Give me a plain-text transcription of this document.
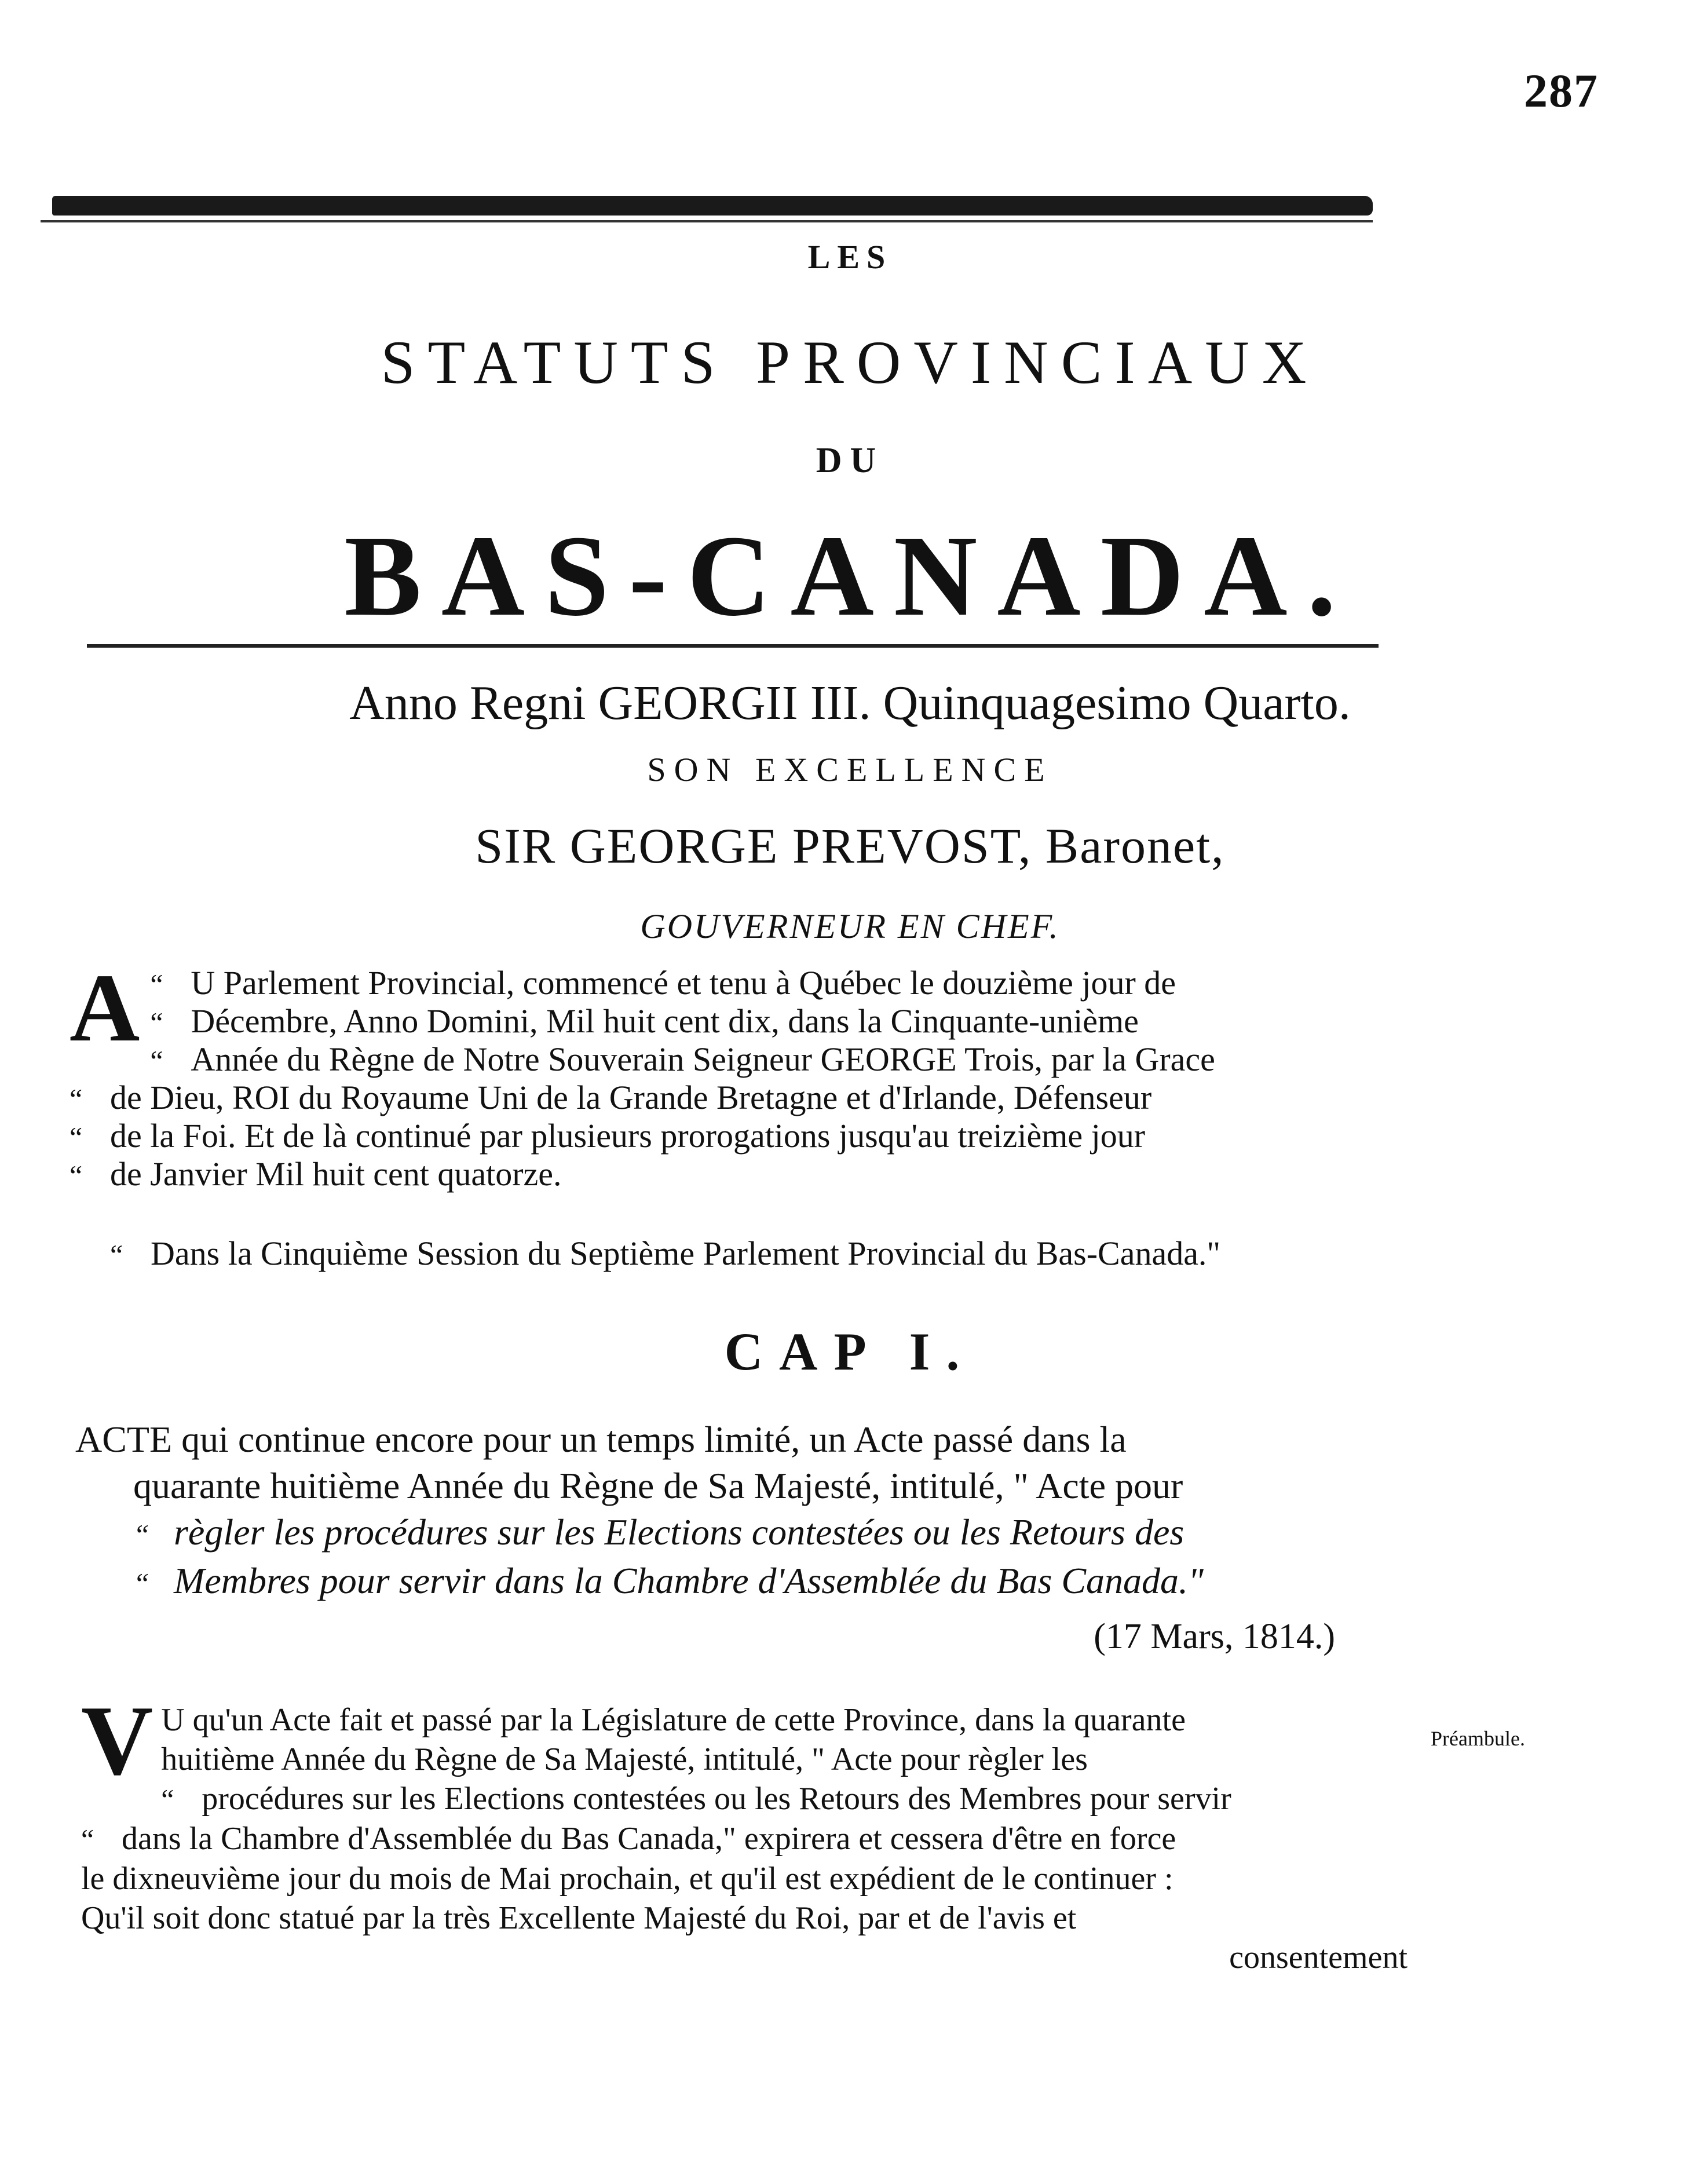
287
LES
STATUTS PROVINCIAUX
DU
BAS-CANADA.
Anno Regni GEORGII III. Quinquagesimo Quarto.
SON EXCELLENCE
SIR GEORGE PREVOST, Baronet,
GOUVERNEUR EN CHEF.
A “ U Parlement Provincial, commencé et tenu à Québec le douzième jour de
“ Décembre, Anno Domini, Mil huit cent dix, dans la Cinquante-unième
“ Année du Règne de Notre Souverain Seigneur GEORGE Trois, par la Grace
“ de Dieu, ROI du Royaume Uni de la Grande Bretagne et d'Irlande, Défenseur
“ de la Foi. Et de là continué par plusieurs prorogations jusqu'au treizième jour
“ de Janvier Mil huit cent quatorze.
“ Dans la Cinquième Session du Septième Parlement Provincial du Bas-Canada."
CAP I.
ACTE qui continue encore pour un temps limité, un Acte passé dans la
quarante huitième Année du Règne de Sa Majesté, intitulé, " Acte pour
“ règler les procédures sur les Elections contestées ou les Retours des
“ Membres pour servir dans la Chambre d'Assemblée du Bas Canada."
(17 Mars, 1814.)
V U qu'un Acte fait et passé par la Législature de cette Province, dans la quarante
huitième Année du Règne de Sa Majesté, intitulé, " Acte pour règler les
“ procédures sur les Elections contestées ou les Retours des Membres pour servir
“ dans la Chambre d'Assemblée du Bas Canada," expirera et cessera d'être en force
le dixneuvième jour du mois de Mai prochain, et qu'il est expédient de le continuer :
Qu'il soit donc statué par la très Excellente Majesté du Roi, par et de l'avis et
consentement
Préambule.
